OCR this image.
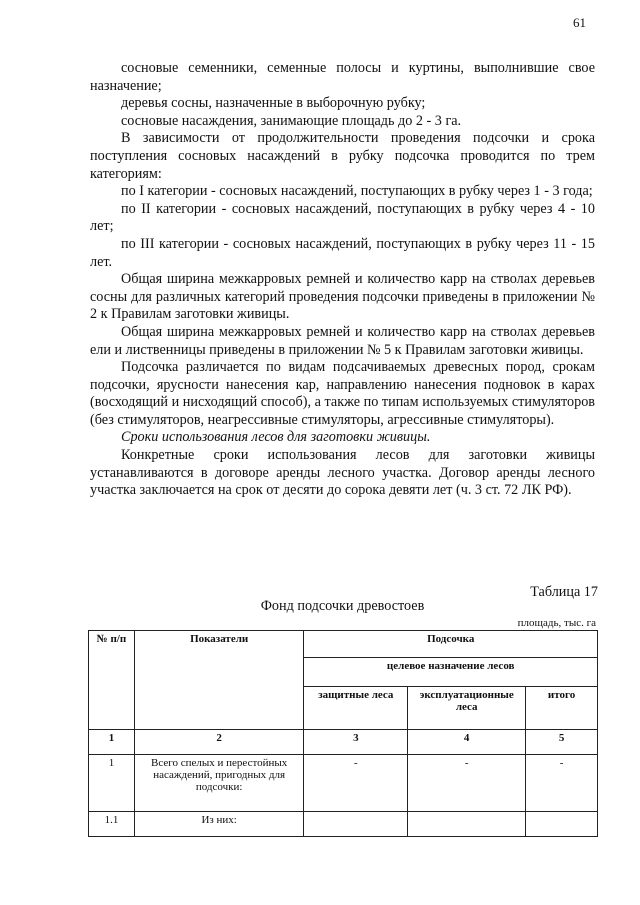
61

сосновые семенники, семенные полосы и куртины, выполнившие свое назначение;

деревья сосны, назначенные в выборочную рубку;

сосновые насаждения, занимающие площадь до 2 - 3 га.

В зависимости от продолжительности проведения подсочки и срока поступления сосновых насаждений в рубку подсочка проводится по трем категориям:

по I категории - сосновых насаждений, поступающих в рубку через 1 - 3 года;

по II категории - сосновых насаждений, поступающих в рубку через 4 - 10 лет;

по III категории - сосновых насаждений, поступающих в рубку через 11 - 15 лет.

Общая ширина межкарровых ремней и количество карр на стволах деревьев сосны для различных категорий проведения подсочки приведены в приложении № 2 к Правилам заготовки живицы.

Общая ширина межкарровых ремней и количество карр на стволах деревьев ели и лиственницы приведены в приложении № 5 к Правилам заготовки живицы.

Подсочка различается по видам подсачиваемых древесных пород, срокам подсочки, ярусности нанесения кар, направлению нанесения подновок в карах (восходящий и нисходящий способ), а также по типам используемых стимуляторов (без стимуляторов, неагрессивные стимуляторы, агрессивные стимуляторы).

Сроки использования лесов для заготовки живицы.

Конкретные сроки использования лесов для заготовки живицы устанавливаются в договоре аренды лесного участка. Договор аренды лесного участка заключается на срок от десяти до сорока девяти лет (ч. 3 ст. 72 ЛК РФ).

Таблица 17
Фонд подсочки древостоев
площадь, тыс. га
№ п/п	Показатели	Подсочка		
		целевое назначение лесов		
		защитные леса	эксплуатационные леса	итого
1	2	3	4	5
1	Всего спелых и перестойных насаждений, пригодных для подсочки:	-	-	-
1.1	Из них:			
